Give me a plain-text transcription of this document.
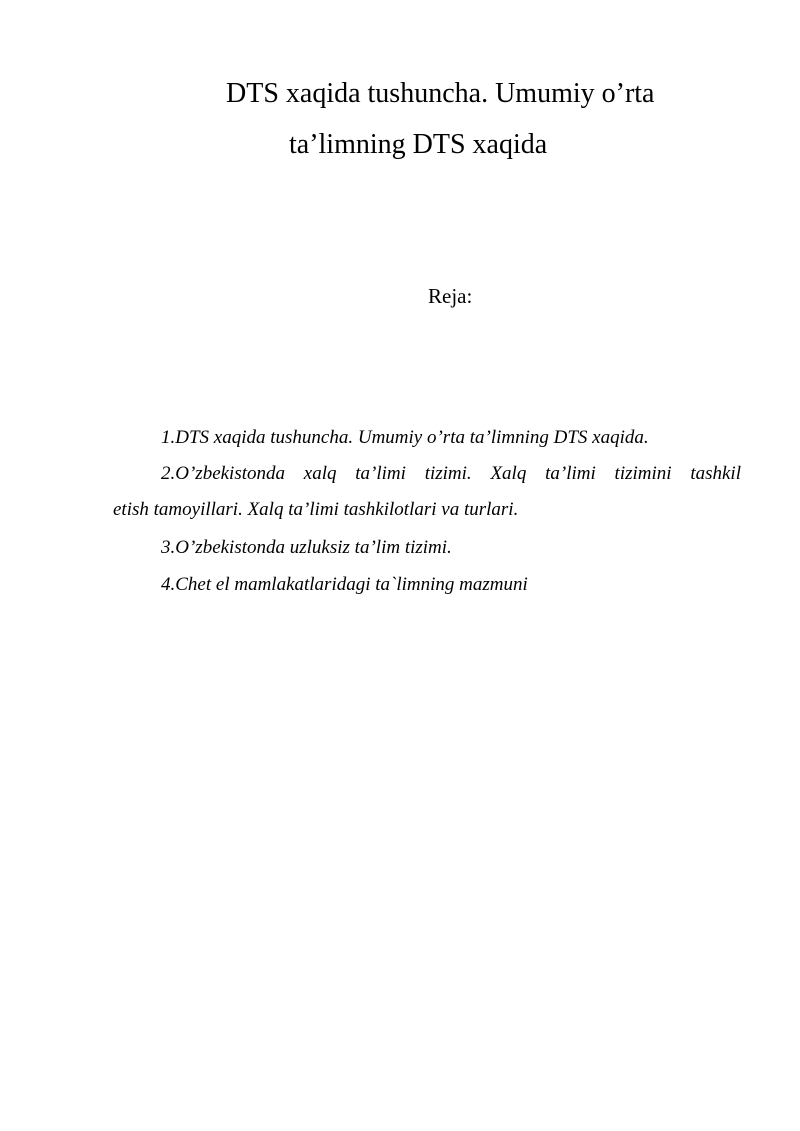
DTS xaqida tushuncha. Umumiy o’rta
ta’limning DTS xaqida
Reja:
1.DTS xaqida tushuncha. Umumiy o’rta ta’limning DTS xaqida.
2.O’zbekistonda xalq ta’limi tizimi. Xalq ta’limi tizimini tashkil
etish tamoyillari. Xalq ta’limi tashkilotlari va turlari.
3.O’zbekistonda uzluksiz ta’lim tizimi.
4.Chet el mamlakatlaridagi ta`limning mazmuni
